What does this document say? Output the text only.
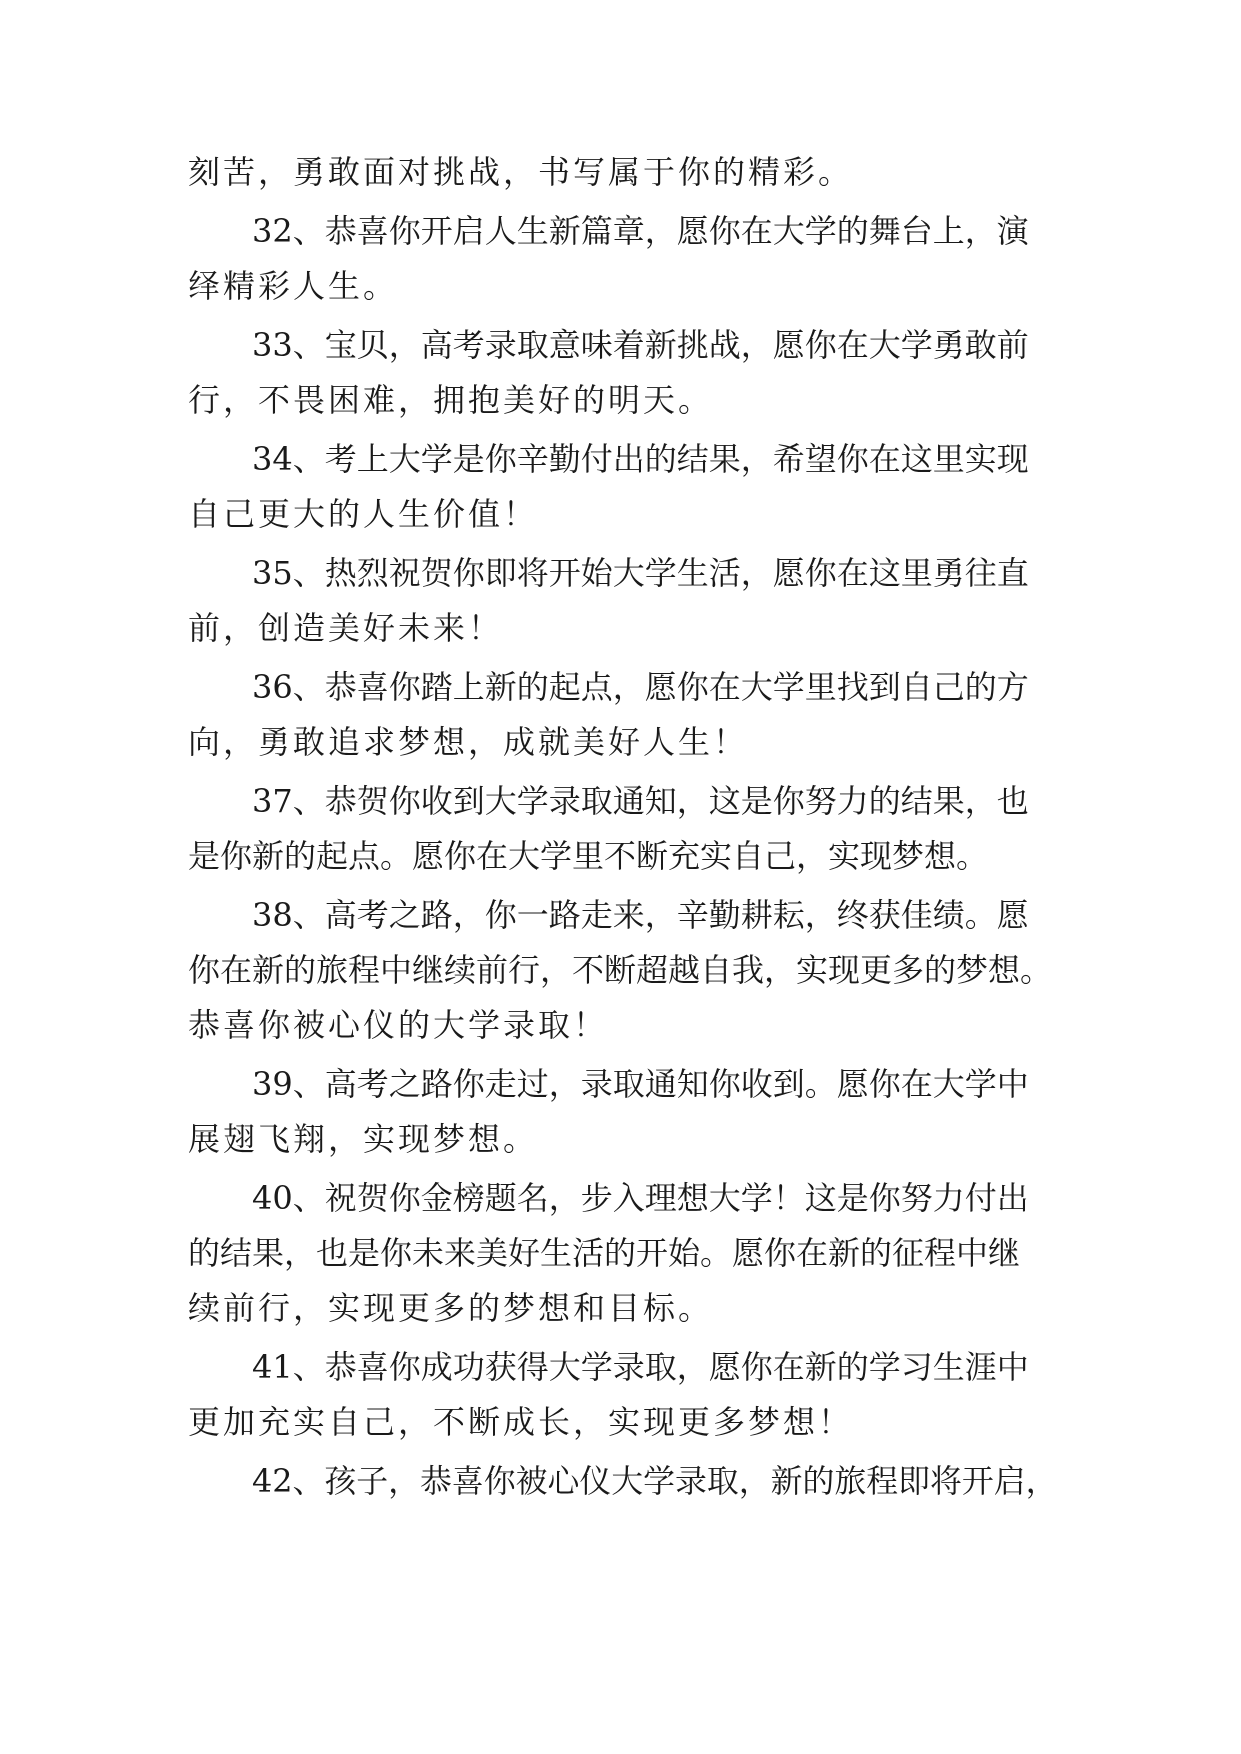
刻苦，勇敢面对挑战，书写属于你的精彩。
32、恭喜你开启人生新篇章，愿你在大学的舞台上，演
绎精彩人生。
33、宝贝，高考录取意味着新挑战，愿你在大学勇敢前
行，不畏困难，拥抱美好的明天。
34、考上大学是你辛勤付出的结果，希望你在这里实现
自己更大的人生价值！
35、热烈祝贺你即将开始大学生活，愿你在这里勇往直
前，创造美好未来！
36、恭喜你踏上新的起点，愿你在大学里找到自己的方
向，勇敢追求梦想，成就美好人生！
37、恭贺你收到大学录取通知，这是你努力的结果，也
是你新的起点。愿你在大学里不断充实自己，实现梦想。
38、高考之路，你一路走来，辛勤耕耘，终获佳绩。愿
你在新的旅程中继续前行，不断超越自我，实现更多的梦想。
恭喜你被心仪的大学录取！
39、高考之路你走过，录取通知你收到。愿你在大学中
展翅飞翔，实现梦想。
40、祝贺你金榜题名，步入理想大学！这是你努力付出
的结果，也是你未来美好生活的开始。愿你在新的征程中继
续前行，实现更多的梦想和目标。
41、恭喜你成功获得大学录取，愿你在新的学习生涯中
更加充实自己，不断成长，实现更多梦想！
42、孩子，恭喜你被心仪大学录取，新的旅程即将开启，
